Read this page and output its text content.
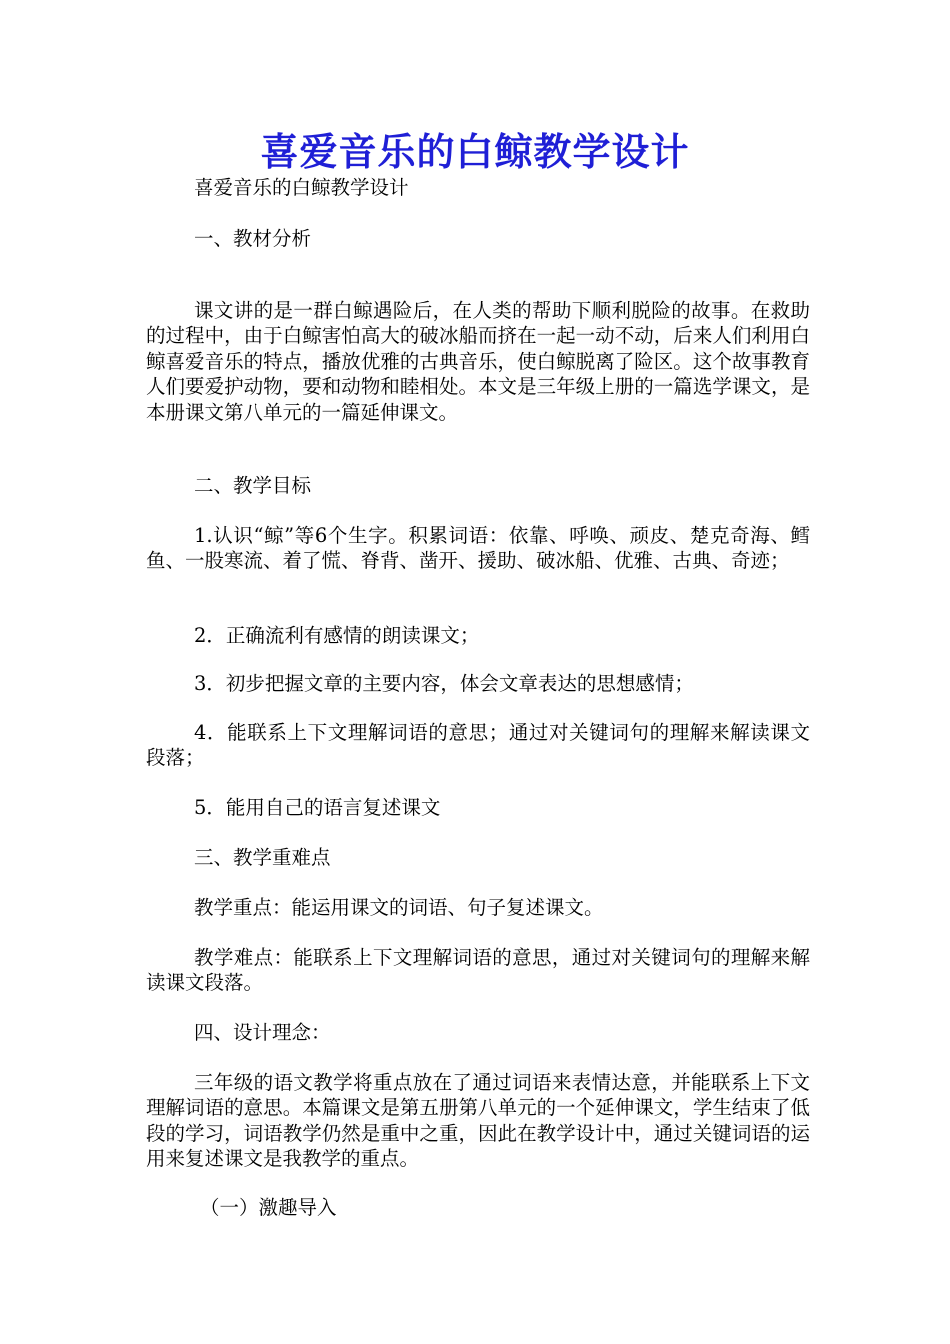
喜爱音乐的白鲸教学设计
喜爱音乐的白鲸教学设计
一、教材分析
课文讲的是一群白鲸遇险后，在人类的帮助下顺利脱险的故事。在救助的过程中，由于白鲸害怕高大的破冰船而挤在一起一动不动，后来人们利用白鲸喜爱音乐的特点，播放优雅的古典音乐，使白鲸脱离了险区。这个故事教育人们要爱护动物，要和动物和睦相处。本文是三年级上册的一篇选学课文，是本册课文第八单元的一篇延伸课文。
二、教学目标
1.认识“鲸”等6个生字。积累词语：依靠、呼唤、顽皮、楚克奇海、鳕鱼、一股寒流、着了慌、脊背、凿开、援助、破冰船、优雅、古典、奇迹；
2．正确流利有感情的朗读课文；
3．初步把握文章的主要内容，体会文章表达的思想感情；
4．能联系上下文理解词语的意思；通过对关键词句的理解来解读课文段落；
5．能用自己的语言复述课文
三、教学重难点
教学重点：能运用课文的词语、句子复述课文。
教学难点：能联系上下文理解词语的意思，通过对关键词句的理解来解读课文段落。
四、设计理念：
三年级的语文教学将重点放在了通过词语来表情达意，并能联系上下文理解词语的意思。本篇课文是第五册第八单元的一个延伸课文，学生结束了低段的学习，词语教学仍然是重中之重，因此在教学设计中，通过关键词语的运用来复述课文是我教学的重点。
（一）激趣导入
